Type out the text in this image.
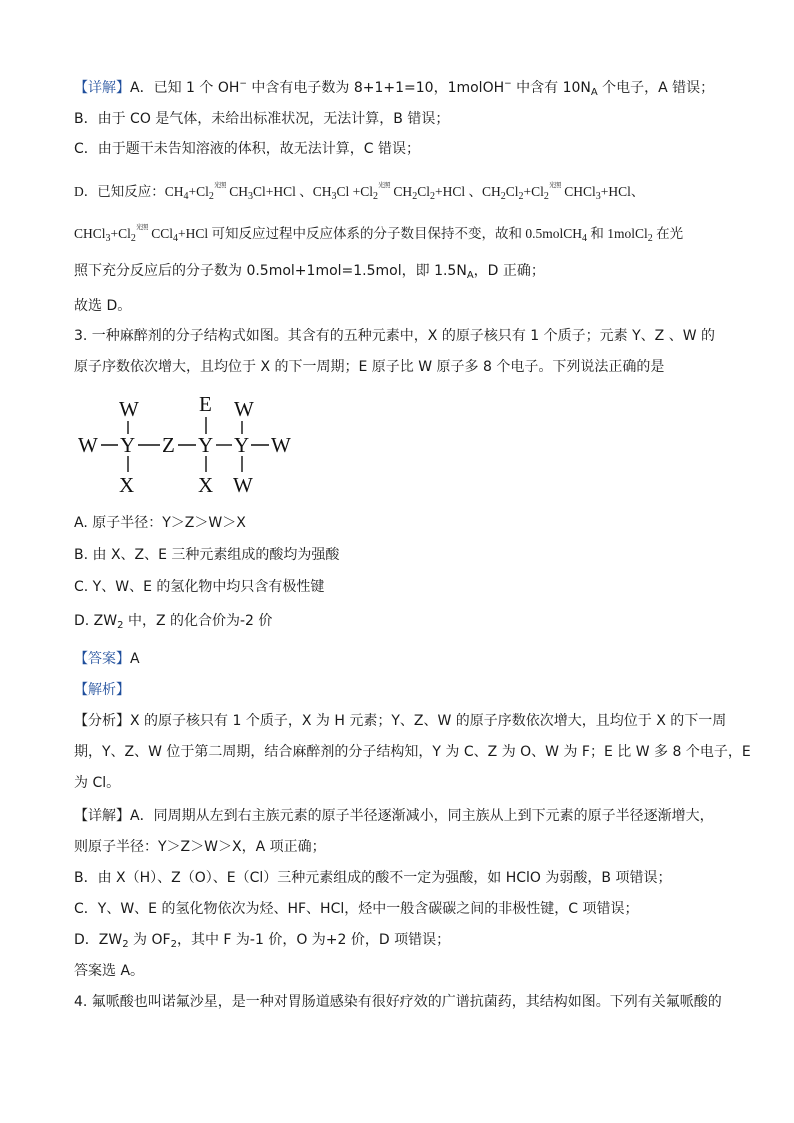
【详解】A．已知 1 个 OH− 中含有电子数为 8+1+1=10，1molOH− 中含有 $10N_A$ 个电子，A 错误；
B．由于 CO 是气体，未给出标准状况，无法计算，B 错误；
C．由于题干未告知溶液的体积，故无法计算，C 错误；
D．已知反应：$CH_4+Cl_2^{光照}$ $CH_3Cl+HCl$ 、$CH_3Cl +Cl_2^{光照}$ $CH_2Cl_2+HCl$ 、$CH_2Cl_2+Cl_2^{光照}$ CHCl$_3$+HCl、
$CHCl_3+Cl_2^{光照}$ CCl$_4$+HCl 可知反应过程中反应体系的分子数目保持不变，故和 0.5molCH$_4$ 和 1molCl$_2$ 在光
照下充分反应后的分子数为 0.5mol+1mol=1.5mol，即 $1.5N_A$，D 正确；
故选 D。
3. 一种麻醉剂的分子结构式如图。其含有的五种元素中，X 的原子核只有 1 个质子；元素 Y、Z 、W 的
原子序数依次增大，且均位于 X 的下一周期；E 原子比 W 原子多 8 个电子。下列说法正确的是
W	E W
W Y Z Y Y W
X	X W
A. 原子半径：Y＞Z＞W＞X
B. 由 X、Z、E 三种元素组成的酸均为强酸
C. Y、W、E 的氢化物中均只含有极性键
D. $ZW_2$ 中，Z 的化合价为-2 价
【答案】A
【解析】
【分析】X 的原子核只有 1 个质子，X 为 H 元素；Y、Z、W 的原子序数依次增大，且均位于 X 的下一周
期，Y、Z、W 位于第二周期，结合麻醉剂的分子结构知，Y 为 C、Z 为 O、W 为 F；E 比 W 多 8 个电子，E
为 Cl。
【详解】A．同周期从左到右主族元素的原子半径逐渐减小，同主族从上到下元素的原子半径逐渐增大，
则原子半径：Y＞Z＞W＞X，A 项正确；
B．由 X（H）、Z（O）、E（Cl）三种元素组成的酸不一定为强酸，如 HClO 为弱酸，B 项错误；
C．Y、W、E 的氢化物依次为烃、HF、HCl，烃中一般含碳碳之间的非极性键，C 项错误；
D．$ZW_2$ 为 $OF_2$，其中 F 为-1 价，O 为+2 价，D 项错误；
答案选 A。
4. 氟哌酸也叫诺氟沙星，是一种对胃肠道感染有很好疗效的广谱抗菌药，其结构如图。下列有关氟哌酸的
